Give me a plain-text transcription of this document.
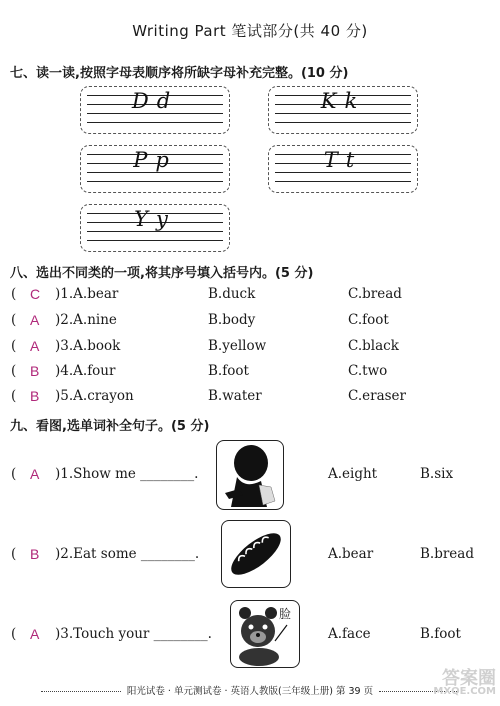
Writing Part 笔试部分(共 40 分)
七、读一读,按照字母表顺序将所缺字母补充完整。(10 分)
Dd	Kk
Pp	Tt
Yy
八、选出不同类的一项,将其序号填入括号内。(5 分)
( C )1.A.bear	B.duck	C.bread
( A )2.A.nine	B.body	C.foot
( A )3.A.book	B.yellow	C.black
( B )4.A.four	B.foot	C.two
( B )5.A.crayon	B.water	C.eraser
九、看图,选单词补全句子。(5 分)
( A )1.Show me ________.	A.eight	B.six
( B )2.Eat some ________.	A.bear	B.bread
( A )3.Touch your ________.	A.face	B.foot
脸
阳光试卷 · 单元测试卷 · 英语人教版(三年级上册) 第 39 页
答案圈
MXQE.COM
